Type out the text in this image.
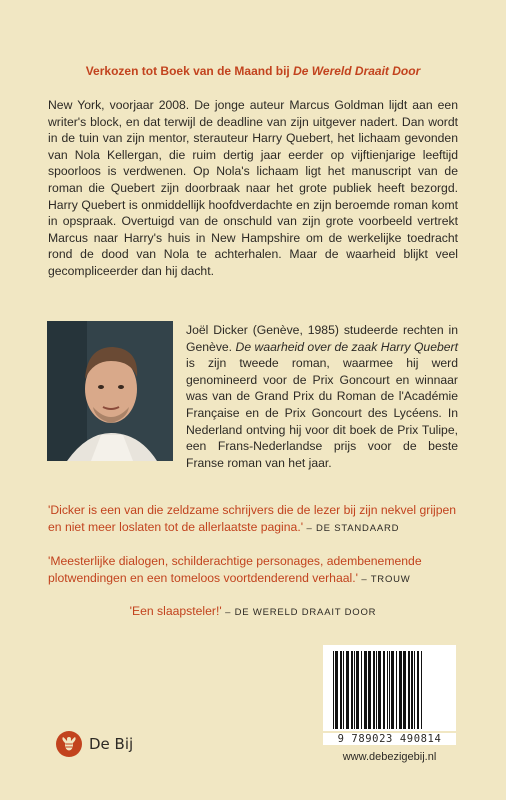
Verkozen tot Boek van de Maand bij De Wereld Draait Door

New York, voorjaar 2008. De jonge auteur Marcus Goldman lijdt aan een writer's block, en dat terwijl de deadline van zijn uitgever nadert. Dan wordt in de tuin van zijn mentor, sterauteur Harry Quebert, het lichaam gevonden van Nola Kellergan, die ruim dertig jaar eerder op vijftienjarige leeftijd spoorloos is verdwenen. Op Nola's lichaam ligt het manuscript van de roman die Quebert zijn doorbraak naar het grote publiek heeft bezorgd. Harry Quebert is onmiddellijk hoofdverdachte en zijn beroemde roman komt in opspraak. Overtuigd van de onschuld van zijn grote voorbeeld vertrekt Marcus naar Harry's huis in New Hampshire om de werkelijke toedracht rond de dood van Nola te achterhalen. Maar de waarheid blijkt veel gecompliceerder dan hij dacht.

Joël Dicker (Genève, 1985) studeerde rechten in Genève. De waarheid over de zaak Harry Quebert is zijn tweede roman, waarmee hij werd genomineerd voor de Prix Goncourt en winnaar was van de Grand Prix du Roman de l'Académie Française en de Prix Goncourt des Lycéens. In Nederland ontving hij voor dit boek de Prix Tulipe, een Frans-Nederlandse prijs voor de beste Franse roman van het jaar.

'Dicker is een van die zeldzame schrijvers die de lezer bij zijn nekvel grijpen en niet meer loslaten tot de allerlaatste pagina.' – DE STANDAARD

'Meesterlijke dialogen, schilderachtige personages, adembenemende plotwendingen en een tomeloos voortdenderend verhaal.' – TROUW

'Een slaapsteler!' – DE WERELD DRAAIT DOOR

De Bij	9 789023 490814
www.debezigebij.nl
